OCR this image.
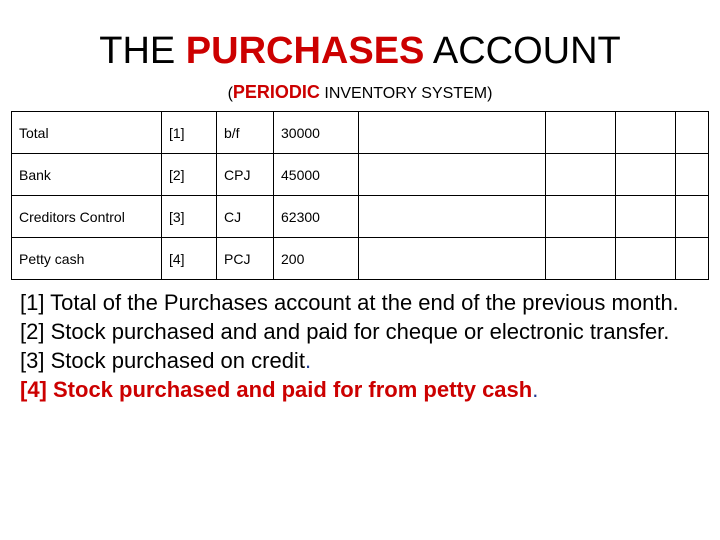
THE PURCHASES ACCOUNT
(PERIODIC INVENTORY SYSTEM)
Total	[1]	b/f	30000				
Bank	[2]	CPJ	45000				
Creditors Control	[3]	CJ	62300				
Petty cash	[4]	PCJ	200				
[1] Total of the Purchases account at the end of the previous month.
[2] Stock purchased and and paid for cheque or electronic transfer.
[3] Stock purchased on credit.
[4] Stock purchased and paid for from petty cash.
